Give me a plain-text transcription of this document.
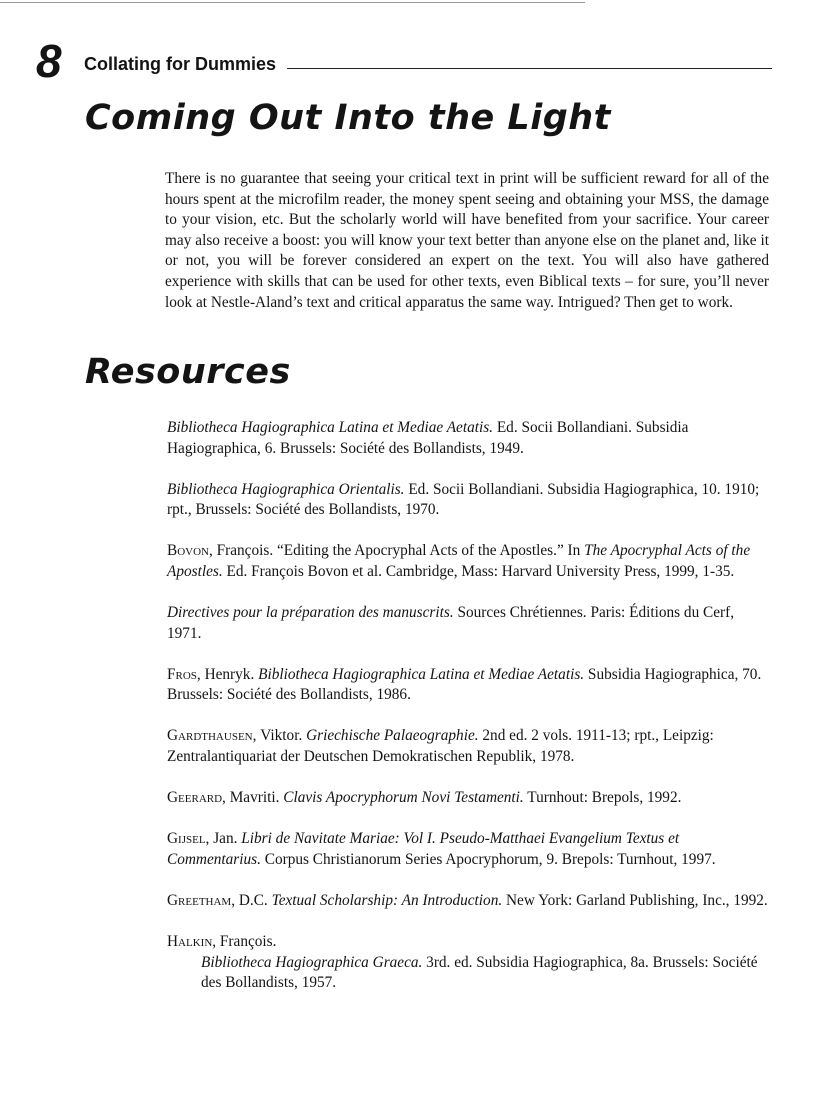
8 Collating for Dummies
Coming Out Into the Light

There is no guarantee that seeing your critical text in print will be sufficient reward for all of the hours spent at the microfilm reader, the money spent seeing and obtaining your MSS, the damage to your vision, etc. But the scholarly world will have benefited from your sacrifice. Your career may also receive a boost: you will know your text better than anyone else on the planet and, like it or not, you will be forever considered an expert on the text. You will also have gathered experience with skills that can be used for other texts, even Biblical texts – for sure, you’ll never look at Nestle-Aland’s text and critical apparatus the same way. Intrigued? Then get to work.

Resources

Bibliotheca Hagiographica Latina et Mediae Aetatis. Ed. Socii Bollandiani. Subsidia Hagiographica, 6. Brussels: Société des Bollandists, 1949.

Bibliotheca Hagiographica Orientalis. Ed. Socii Bollandiani. Subsidia Hagiographica, 10. 1910; rpt., Brussels: Société des Bollandists, 1970.

Bovon, François. “Editing the Apocryphal Acts of the Apostles.” In The Apocryphal Acts of the Apostles. Ed. François Bovon et al. Cambridge, Mass: Harvard University Press, 1999, 1-35.

Directives pour la préparation des manuscrits. Sources Chrétiennes. Paris: Éditions du Cerf, 1971.

Fros, Henryk. Bibliotheca Hagiographica Latina et Mediae Aetatis. Subsidia Hagiographica, 70. Brussels: Société des Bollandists, 1986.

Gardthausen, Viktor. Griechische Palaeographie. 2nd ed. 2 vols. 1911-13; rpt., Leipzig: Zentralantiquariat der Deutschen Demokratischen Republik, 1978.

Geerard, Mavriti. Clavis Apocryphorum Novi Testamenti. Turnhout: Brepols, 1992.

Gijsel, Jan. Libri de Navitate Mariae: Vol I. Pseudo-Matthaei Evangelium Textus et Commentarius. Corpus Christianorum Series Apocryphorum, 9. Brepols: Turnhout, 1997.

Greetham, D.C. Textual Scholarship: An Introduction. New York: Garland Publishing, Inc., 1992.

Halkin, François.
Bibliotheca Hagiographica Graeca. 3rd. ed. Subsidia Hagiographica, 8a. Brussels: Société des Bollandists, 1957.
